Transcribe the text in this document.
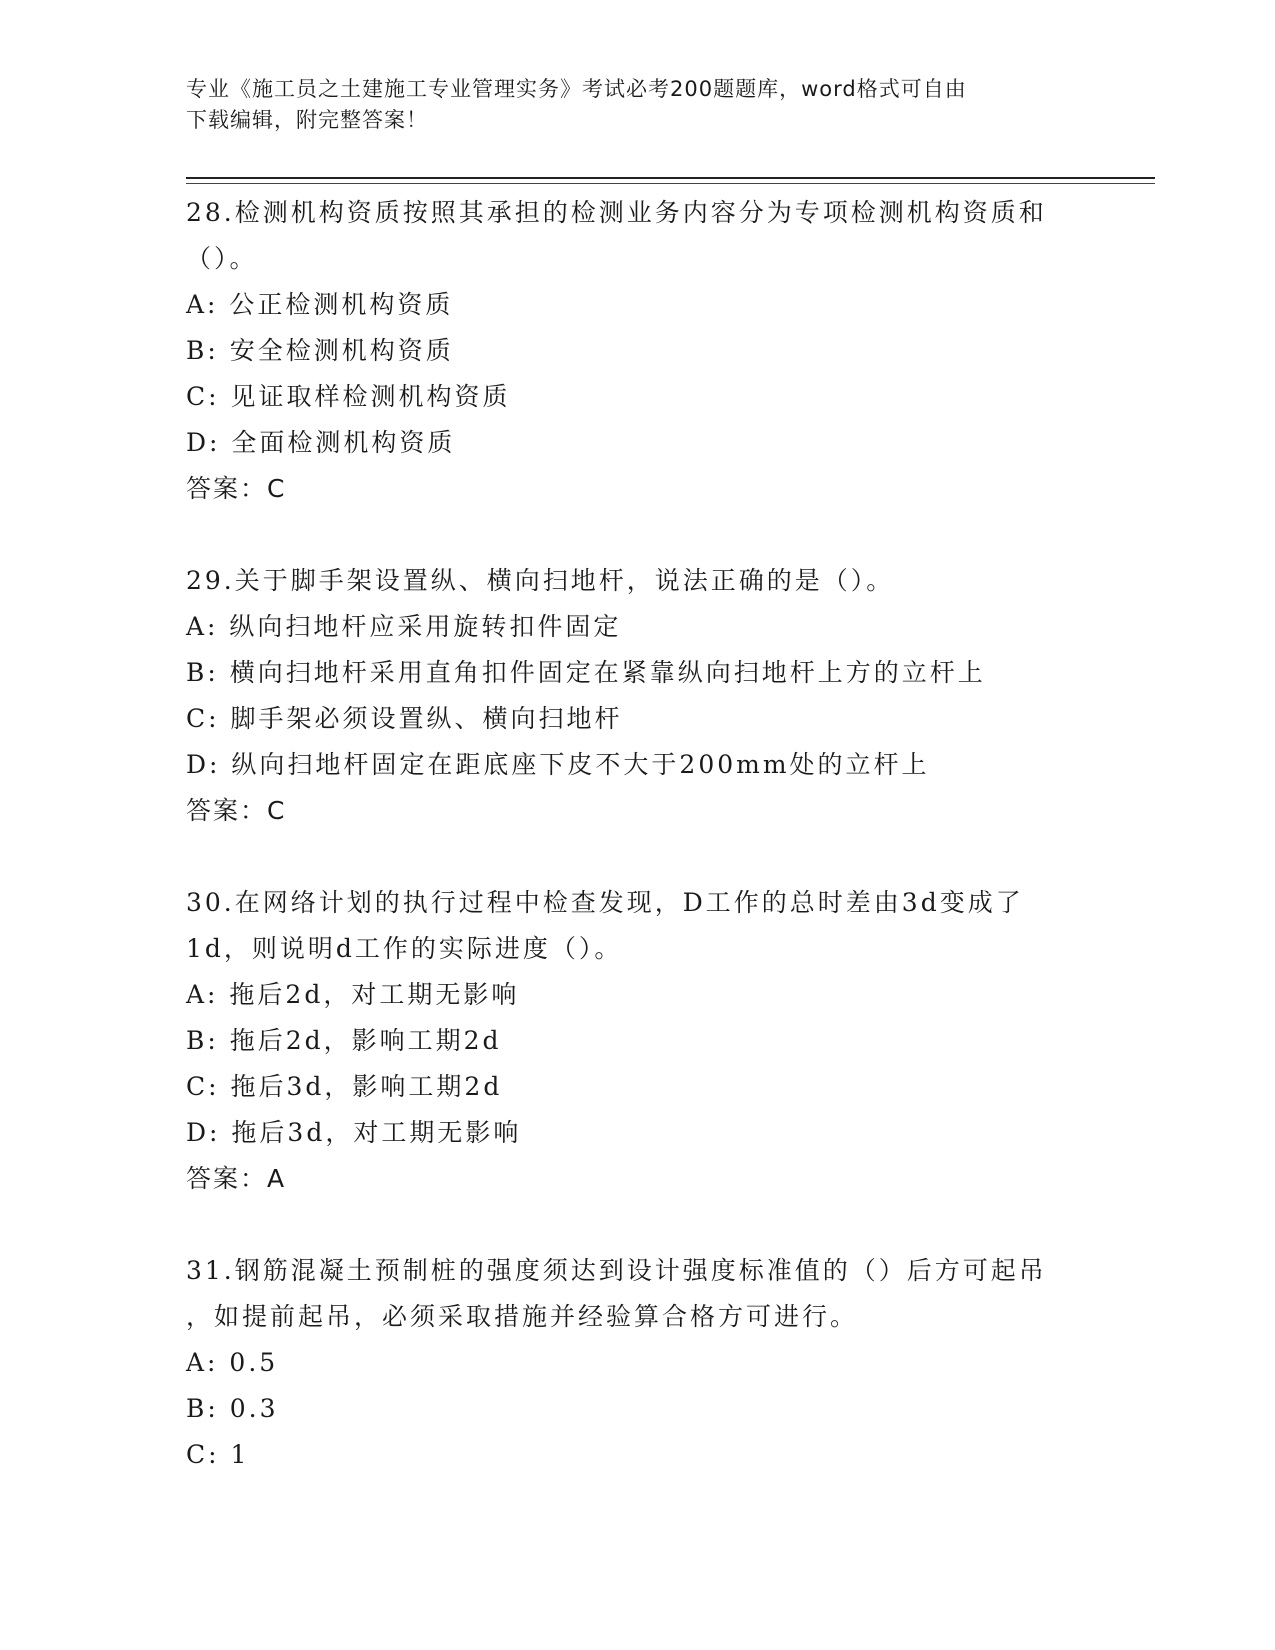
专业《施工员之土建施工专业管理实务》考试必考200题题库，word格式可自由
下载编辑，附完整答案！

28.检测机构资质按照其承担的检测业务内容分为专项检测机构资质和
（）。

A: 公正检测机构资质

B: 安全检测机构资质

C: 见证取样检测机构资质

D: 全面检测机构资质

答案：C

29.关于脚手架设置纵、横向扫地杆，说法正确的是（）。

A: 纵向扫地杆应采用旋转扣件固定

B: 横向扫地杆采用直角扣件固定在紧靠纵向扫地杆上方的立杆上

C: 脚手架必须设置纵、横向扫地杆

D: 纵向扫地杆固定在距底座下皮不大于200mm处的立杆上

答案：C

30.在网络计划的执行过程中检查发现，D工作的总时差由3d变成了
1d，则说明d工作的实际进度（）。

A: 拖后2d，对工期无影响

B: 拖后2d，影响工期2d

C: 拖后3d，影响工期2d

D: 拖后3d，对工期无影响

答案：A

31.钢筋混凝土预制桩的强度须达到设计强度标准值的（）后方可起吊
，如提前起吊，必须采取措施并经验算合格方可进行。

A: 0.5

B: 0.3

C: 1
